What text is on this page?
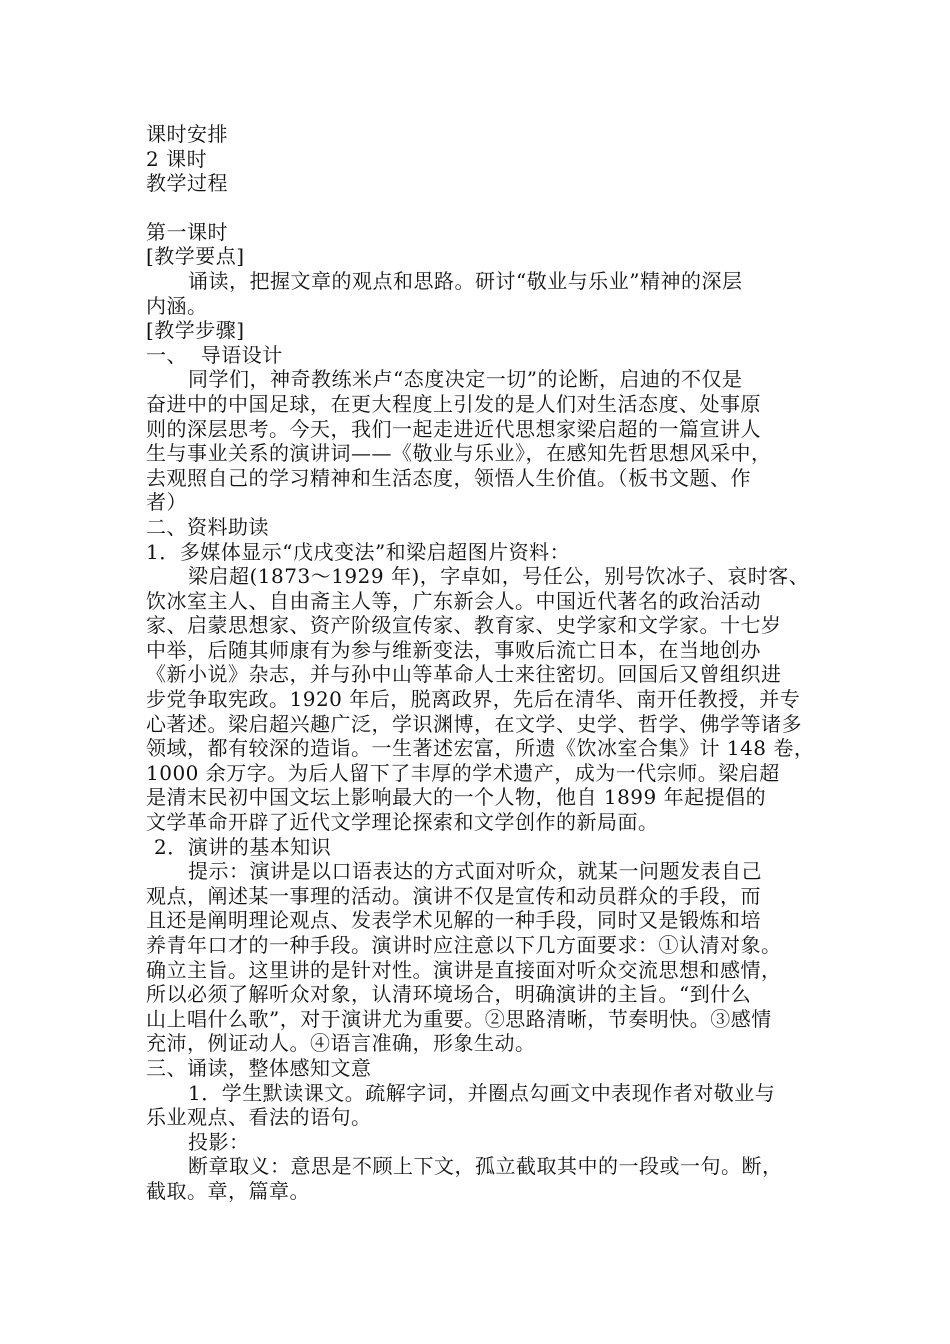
课时安排
2 课时
教学过程
第一课时
[教学要点]
诵读，把握文章的观点和思路。研讨“敬业与乐业”精神的深层
内涵。
[教学步骤]
一、  导语设计
同学们，神奇教练米卢“态度决定一切”的论断，启迪的不仅是
奋进中的中国足球，在更大程度上引发的是人们对生活态度、处事原
则的深层思考。今天，我们一起走进近代思想家梁启超的一篇宣讲人
生与事业关系的演讲词——《敬业与乐业》，在感知先哲思想风采中，
去观照自己的学习精神和生活态度，领悟人生价值。（板书文题、作
者）
二、资料助读
1．多媒体显示“戊戌变法”和梁启超图片资料：
梁启超(1873～1929 年)，字卓如，号任公，别号饮冰子、哀时客、
饮冰室主人、自由斋主人等，广东新会人。中国近代著名的政治活动
家、启蒙思想家、资产阶级宣传家、教育家、史学家和文学家。十七岁
中举，后随其师康有为参与维新变法，事败后流亡日本，在当地创办
《新小说》杂志，并与孙中山等革命人士来往密切。回国后又曾组织进
步党争取宪政。1920 年后，脱离政界，先后在清华、南开任教授，并专
心著述。梁启超兴趣广泛，学识渊博，在文学、史学、哲学、佛学等诸多
领域，都有较深的造诣。一生著述宏富，所遗《饮冰室合集》计 148 卷，
1000 余万字。为后人留下了丰厚的学术遗产，成为一代宗师。梁启超
是清末民初中国文坛上影响最大的一个人物，他自 1899 年起提倡的
文学革命开辟了近代文学理论探索和文学创作的新局面。
2．演讲的基本知识
提示：演讲是以口语表达的方式面对听众，就某一问题发表自己
观点，阐述某一事理的活动。演讲不仅是宣传和动员群众的手段，而
且还是阐明理论观点、发表学术见解的一种手段，同时又是锻炼和培
养青年口才的一种手段。演讲时应注意以下几方面要求：①认清对象。
确立主旨。这里讲的是针对性。演讲是直接面对听众交流思想和感情，
所以必须了解听众对象，认清环境场合，明确演讲的主旨。“到什么
山上唱什么歌”，对于演讲尤为重要。②思路清晰，节奏明快。③感情
充沛，例证动人。④语言准确，形象生动。
三、诵读，整体感知文意
1．学生默读课文。疏解字词，并圈点勾画文中表现作者对敬业与
乐业观点、看法的语句。
投影：
断章取义：意思是不顾上下文，孤立截取其中的一段或一句。断，
截取。章，篇章。
